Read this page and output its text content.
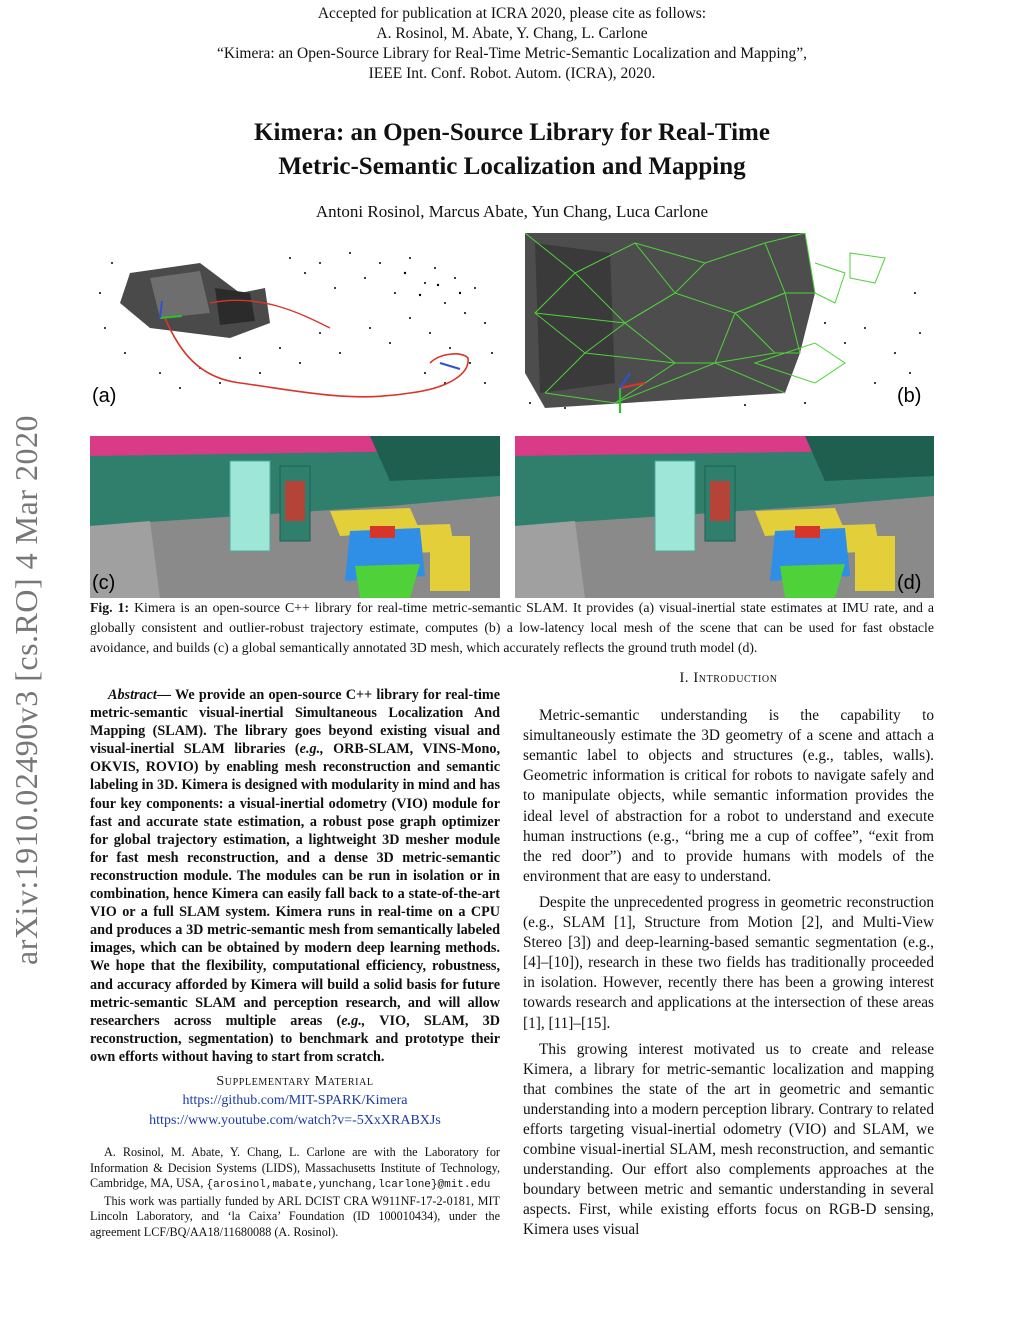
Accepted for publication at ICRA 2020, please cite as follows:
A. Rosinol, M. Abate, Y. Chang, L. Carlone
“Kimera: an Open-Source Library for Real-Time Metric-Semantic Localization and Mapping”,
IEEE Int. Conf. Robot. Autom. (ICRA), 2020.
Kimera: an Open-Source Library for Real-Time
Metric-Semantic Localization and Mapping
Antoni Rosinol, Marcus Abate, Yun Chang, Luca Carlone
arXiv:1910.02490v3 [cs.RO] 4 Mar 2020
(a)	(b)
(c)	(d)
Fig. 1: Kimera is an open-source C++ library for real-time metric-semantic SLAM. It provides (a) visual-inertial state estimates at IMU rate, and a globally consistent and outlier-robust trajectory estimate, computes (b) a low-latency local mesh of the scene that can be used for fast obstacle avoidance, and builds (c) a global semantically annotated 3D mesh, which accurately reflects the ground truth model (d).
Abstract— We provide an open-source C++ library for real-time metric-semantic visual-inertial Simultaneous Localization And Mapping (SLAM). The library goes beyond existing visual and visual-inertial SLAM libraries (e.g., ORB-SLAM, VINS-Mono, OKVIS, ROVIO) by enabling mesh reconstruction and semantic labeling in 3D. Kimera is designed with modularity in mind and has four key components: a visual-inertial odometry (VIO) module for fast and accurate state estimation, a robust pose graph optimizer for global trajectory estimation, a lightweight 3D mesher module for fast mesh reconstruction, and a dense 3D metric-semantic reconstruction module. The modules can be run in isolation or in combination, hence Kimera can easily fall back to a state-of-the-art VIO or a full SLAM system. Kimera runs in real-time on a CPU and produces a 3D metric-semantic mesh from semantically labeled images, which can be obtained by modern deep learning methods. We hope that the flexibility, computational efficiency, robustness, and accuracy afforded by Kimera will build a solid basis for future metric-semantic SLAM and perception research, and will allow researchers across multiple areas (e.g., VIO, SLAM, 3D reconstruction, segmentation) to benchmark and prototype their own efforts without having to start from scratch.
Supplementary Material
https://github.com/MIT-SPARK/Kimera
https://www.youtube.com/watch?v=-5XxXRABXJs
A. Rosinol, M. Abate, Y. Chang, L. Carlone are with the Laboratory for Information & Decision Systems (LIDS), Massachusetts Institute of Technology, Cambridge, MA, USA, {arosinol,mabate,yunchang,lcarlone}@mit.edu
This work was partially funded by ARL DCIST CRA W911NF-17-2-0181, MIT Lincoln Laboratory, and ‘la Caixa’ Foundation (ID 100010434), under the agreement LCF/BQ/AA18/11680088 (A. Rosinol).
I. Introduction

Metric-semantic understanding is the capability to simultaneously estimate the 3D geometry of a scene and attach a semantic label to objects and structures (e.g., tables, walls). Geometric information is critical for robots to navigate safely and to manipulate objects, while semantic information provides the ideal level of abstraction for a robot to understand and execute human instructions (e.g., “bring me a cup of coffee”, “exit from the red door”) and to provide humans with models of the environment that are easy to understand.

Despite the unprecedented progress in geometric reconstruction (e.g., SLAM [1], Structure from Motion [2], and Multi-View Stereo [3]) and deep-learning-based semantic segmentation (e.g., [4]–[10]), research in these two fields has traditionally proceeded in isolation. However, recently there has been a growing interest towards research and applications at the intersection of these areas [1], [11]–[15].

This growing interest motivated us to create and release Kimera, a library for metric-semantic localization and mapping that combines the state of the art in geometric and semantic understanding into a modern perception library. Contrary to related efforts targeting visual-inertial odometry (VIO) and SLAM, we combine visual-inertial SLAM, mesh reconstruction, and semantic understanding. Our effort also complements approaches at the boundary between metric and semantic understanding in several aspects. First, while existing efforts focus on RGB-D sensing, Kimera uses visual
